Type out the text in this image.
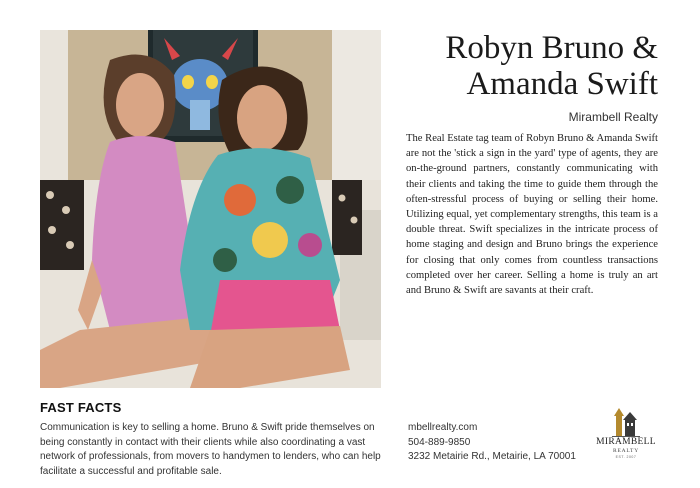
Robyn Bruno &
Amanda Swift
Mirambell Realty
The Real Estate tag team of Robyn Bruno & Amanda Swift are not the 'stick a sign in the yard' type of agents, they are on-the-ground partners, constantly communicating with their clients and taking the time to guide them through the often-stressful process of buying or selling their home. Utilizing equal, yet complementary strengths, this team is a double threat. Swift specializes in the intricate process of home staging and design and Bruno brings the experience for closing that only comes from countless transactions completed over her career. Selling a home is truly an art and Bruno & Swift are savants at their craft.
FAST FACTS
Communication is key to selling a home. Bruno & Swift pride themselves on being constantly in contact with their clients while also coordinating a vast network of professionals, from movers to handymen to lenders, who can help facilitate a successful and profitable sale.
mbellrealty.com
504-889-9850
3232 Metairie Rd., Metairie, LA 70001
MIRAMBELL
REALTY
EST. 2007
